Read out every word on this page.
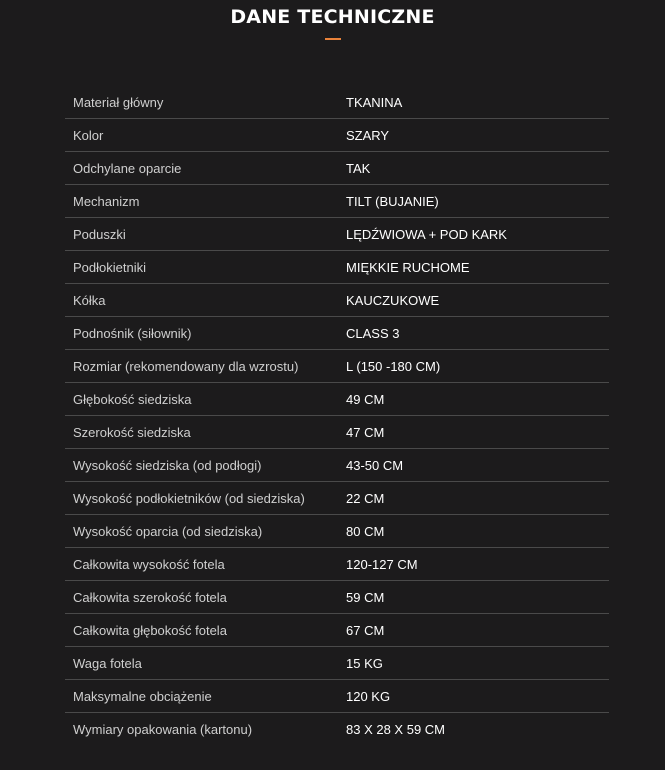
DANE TECHNICZNE
Materiał główny	TKANINA
Kolor	SZARY
Odchylane oparcie	TAK
Mechanizm	TILT (BUJANIE)
Poduszki	LĘDŹWIOWA + POD KARK
Podłokietniki	MIĘKKIE RUCHOME
Kółka	KAUCZUKOWE
Podnośnik (siłownik)	CLASS 3
Rozmiar (rekomendowany dla wzrostu)	L (150 -180 CM)
Głębokość siedziska	49 CM
Szerokość siedziska	47 CM
Wysokość siedziska (od podłogi)	43-50 CM
Wysokość podłokietników (od siedziska)	22 CM
Wysokość oparcia (od siedziska)	80 CM
Całkowita wysokość fotela	120-127 CM
Całkowita szerokość fotela	59 CM
Całkowita głębokość fotela	67 CM
Waga fotela	15 KG
Maksymalne obciążenie	120 KG
Wymiary opakowania (kartonu)	83 X 28 X 59 CM
